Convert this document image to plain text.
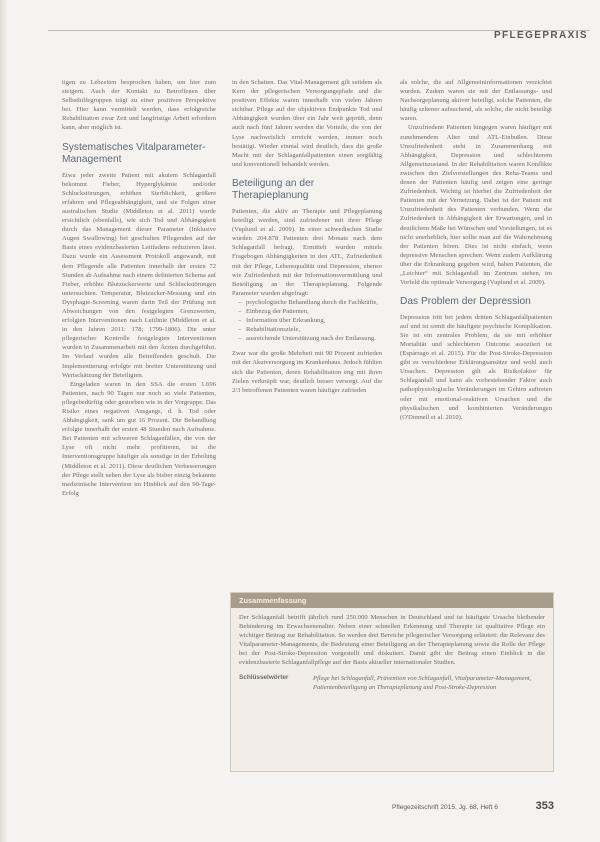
PFLEGEPRAXIS

tigen zu Lebzeiten besprochen haben, um hier zum steigern. Auch der Kontakt zu Betroffenen über Selbsthilfegruppen trägt zu einer positiven Perspektive bei. Hier kann vermittelt werden, dass erfolgreiche Rehabilitation zwar Zeit und langfristige Arbeit erfordern kann, aber möglich ist.

Systematisches Vitalparameter-Management

Etwa jeder zweite Patient mit akutem Schlaganfall bekommt Fieber, Hyperglykämie und/oder Schluckstörungen, erhöhen Sterblichkeit, größere erfahren und Pflegeabhängigkeit, und sie Folgen einer australischen Studie (Middleton et al. 2011) wurde ersichtlich (ebenfalls), wie sich Tod und Abhängigkeit durch das Management dieser Parameter (Inklusive Augen Swallowing) bei geschulten Pflegenden auf der Basis eines evidenzbasierten Leitfadens reduzieren lässt. Dazu wurde ein Assessment Protokoll angewandt, mit dem Pflegende alle Patienten innerhalb der ersten 72 Stunden ab Aufnahme nach einem definierten Schema auf Fieber, erhöhte Blutzuckerwerte und Schluckstörungen untersuchten. Temperatur, Blutzucker-Messung und ein Dysphagie-Screening waren darin Teil der Prüfung mit Abweichungen von den festgelegten Grenzwerten, erfolgten Interventionen nach Leitlinie (Middleton et al. in den Jahren 2011: 178; 1799-1806). Die unter pflegerischer Kontrolle festgelegten Interventionen wurden in Zusammenarbeit mit den Ärzten durchgeführt. Im Verlauf wurden alle Betreffenden geschult. Die Implementierung erfolgte mit breiter Unterstützung und Wertschätzung der Beteiligten.

Eingeladen waren in den SSA die ersten 1.696 Patienten, nach 90 Tagen nur noch so viele Patienten, pflegebedürftig oder gestorben wie in der Vorgruppe. Das Risiko eines negativen Ausgangs, d. h. Tod oder Abhängigkeit, sank um gut 16 Prozent. Die Behandlung erfolgte innerhalb der ersten 48 Stunden nach Aufnahme. Bei Patienten mit schweren Schlaganfällen, die von der Lyse oft nicht mehr profitieren, ist die Interventionsgruppe häufiger als sonstige in der Erholung (Middleton et al. 2011). Diese deutlichen Verbesserungen der Pflege stellt neben der Lyse als bisher einzig bekannte medizinische Intervention im Hinblick auf den 90-Tage-Erfolg

in den Schatten. Das Vital-Management gilt seitdem als Kern der pflegerischen Versorgungspfade und die positiven Effekte waren innerhalb von vielen Jahren sichtbar. Pflege auf der objektiven Endpunkte Tod und Abhängigkeit wurden über ein Jahr weit geprüft, denn auch nach fünf Jahren werden die Vorteile, die von der Lyse nachweislich erreicht werden, immer noch bestätigt. Wieder einmal wird deutlich, dass die große Macht mit der Schlaganfallpatienten einen sorgfältig und konventionell behandelt werden.

Beteiligung an der Therapieplanung

Patienten, die aktiv an Therapie und Pflegeplanung beteiligt werden, sind zufriedener mit ihrer Pflege (Vuplund et al. 2009). In einer schwedischen Studie wurden 204.878 Patienten drei Monate nach dem Schlaganfall befragt. Ermittelt wurden mittels Fragebogen Abhängigkeiten in den ATL, Zufriedenheit mit der Pflege, Lebensqualität und Depression, ebenso wie Zufriedenheit mit der Informationsvermittlung und Beteiligung an der Therapieplanung. Folgende Parameter wurden abgefragt:

– psychologische Behandlung durch die Fachkräfte,
– Einbezug der Patienten,
– Information über Erkrankung,
– Rehabilitationsziele,
– ausreichende Unterstützung nach der Entlassung.

Zwar war die große Mehrheit mit 90 Prozent zufrieden mit der Akutversorgung im Krankenhaus. Jedoch fühlten sich die Patienten, deren Rehabilitation eng mit ihren Zielen verknüpft war, deutlich besser versorgt. Auf die 2/3 betroffenen Patienten waren häufiger zufrieden

als solche, die auf Allgemeininformationen verzichtet wurden. Zudem waren sie mit der Entlassungs- und Nachsorgeplanung aktiver beteiligt, solche Patienten, die häufig seltener aufsuchend, als solche, die nicht beteiligt waren.

Unzufriedene Patienten hingegen waren häufiger mit zunehmendem Alter und ATL-Einbußen. Diese Unzufriedenheit steht in Zusammenhang mit Abhängigkeit, Depression und schlechterem Allgemeinzustand. In der Rehabilitation waren Konflikte zwischen den Zielvorstellungen des Reha-Teams und denen der Patienten häufig und zeigen eine geringe Zufriedenheit. Wichtig ist hierbei die Zufriedenheit der Patienten mit der Vernetzung. Dabei ist der Patient mit Unzufriedenheit des Patienten verbunden. Wenn die Zufriedenheit in Abhängigkeit der Erwartungen, und in deutlichem Maße bei Wünschen und Vorstellungen, ist es nicht unerheblich, hier sollte man auf die Wahrnehmung der Patienten hören. Dies ist nicht einfach, wenn depressive Menschen sprechen. Wenn zudem Aufklärung über die Erkrankung gegeben wird, haben Patienten, die „Leichter“ mit Schlaganfall im Zentrum stehen, im Vorfeld die optimale Versorgung (Vuplund et al. 2009).

Das Problem der Depression

Depression tritt bei jedem dritten Schlaganfallpatienten auf und ist somit die häufigste psychische Komplikation. Sie ist ein zentrales Problem, da sie mit erhöhter Mortalität und schlechteren Outcome assoziiert ist (Espárrago et al. 2015). Für die Post-Stroke-Depression gibt es verschiedene Erklärungsansätze und wohl auch Ursachen. Depression gilt als Risikofaktor für Schlaganfall und kann als vorbestehender Faktor auch pathophysiologische Veränderungen im Gehirn auftreten oder mit emotional-reaktiven Ursachen und die physikalischen und kombinierten Veränderungen (O'Donnell et al. 2010).

Zusammenfassung
Der Schlaganfall betrifft jährlich rund 250.000 Menschen in Deutschland und ist häufigste Ursache bleibender Behinderung im Erwachsenenalter. Neben einer schnellen Erkennung und Therapie ist qualitative Pflege ein wichtiger Beitrag zur Rehabilitation. So werden drei Bereiche pflegerischer Versorgung erläutert: die Relevanz des Vitalparameter-Managements, die Bedeutung einer Beteiligung an der Therapieplanung sowie die Rolle der Pflege bei der Post-Stroke-Depression vorgestellt und diskutiert. Damit gibt der Beitrag einen Einblick in die evidenzbasierte Schlaganfallpflege auf der Basis aktueller internationaler Studien.
Schlüsselwörter	Pflege bei Schlaganfall, Prävention von Schlaganfall, Vitalparameter-Management, Patientenbeteiligung an Therapieplanung und Post-Stroke-Depression
Pflegezeitschrift 2015, Jg. 68, Heft 6	353
